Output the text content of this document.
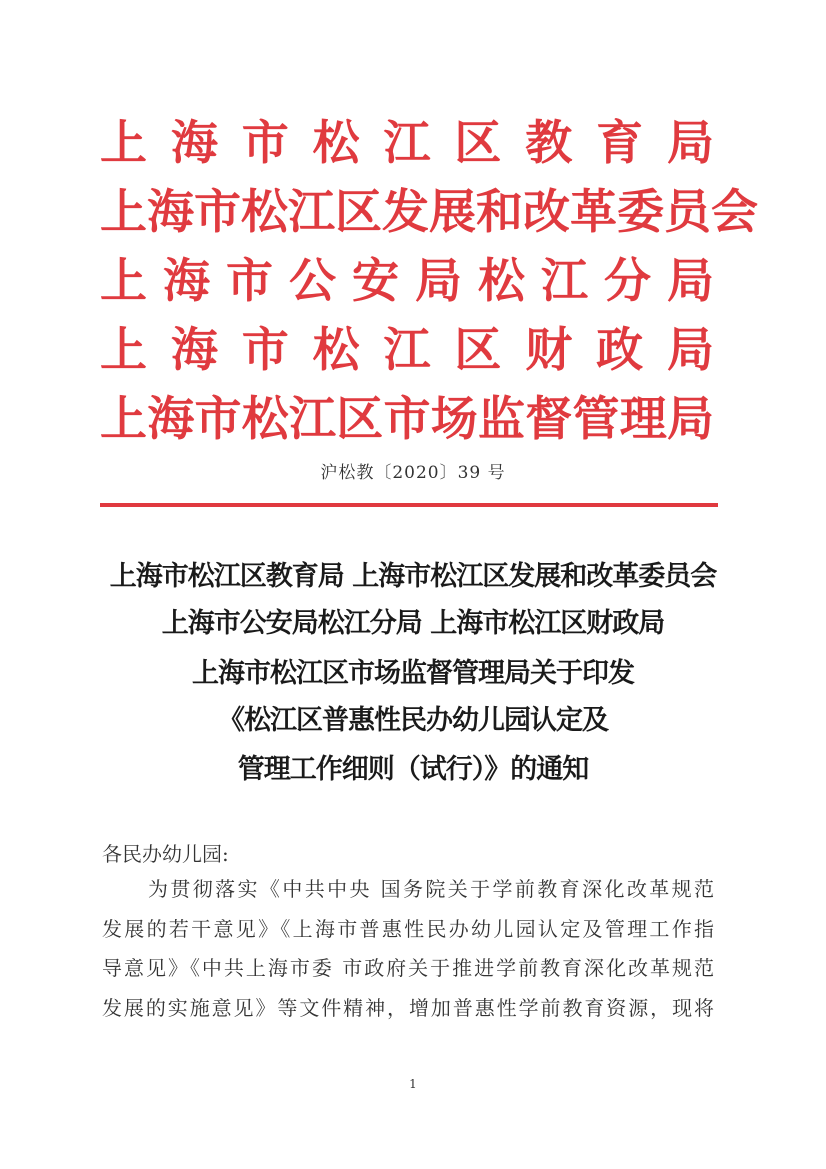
上 海 市 松 江 区 教 育 局
上 海 市 松 江 区 发 展 和 改 革 委 员 会
上 海 市 公 安 局 松 江 分 局
上 海 市 松 江 区 财 政 局
上 海 市 松 江 区 市 场 监 督 管 理 局
沪松教〔2020〕39 号
上海市松江区教育局 上海市松江区发展和改革委员会
上海市公安局松江分局 上海市松江区财政局
上海市松江区市场监督管理局关于印发
《松江区普惠性民办幼儿园认定及
管理工作细则（试行）》的通知
各民办幼儿园:
为贯彻落实《中共中央 国务院关于学前教育深化改革规范
发展的若干意见》《上海市普惠性民办幼儿园认定及管理工作指
导意见》《中共上海市委 市政府关于推进学前教育深化改革规范
发展的实施意见》等文件精神，增加普惠性学前教育资源，现将
1
